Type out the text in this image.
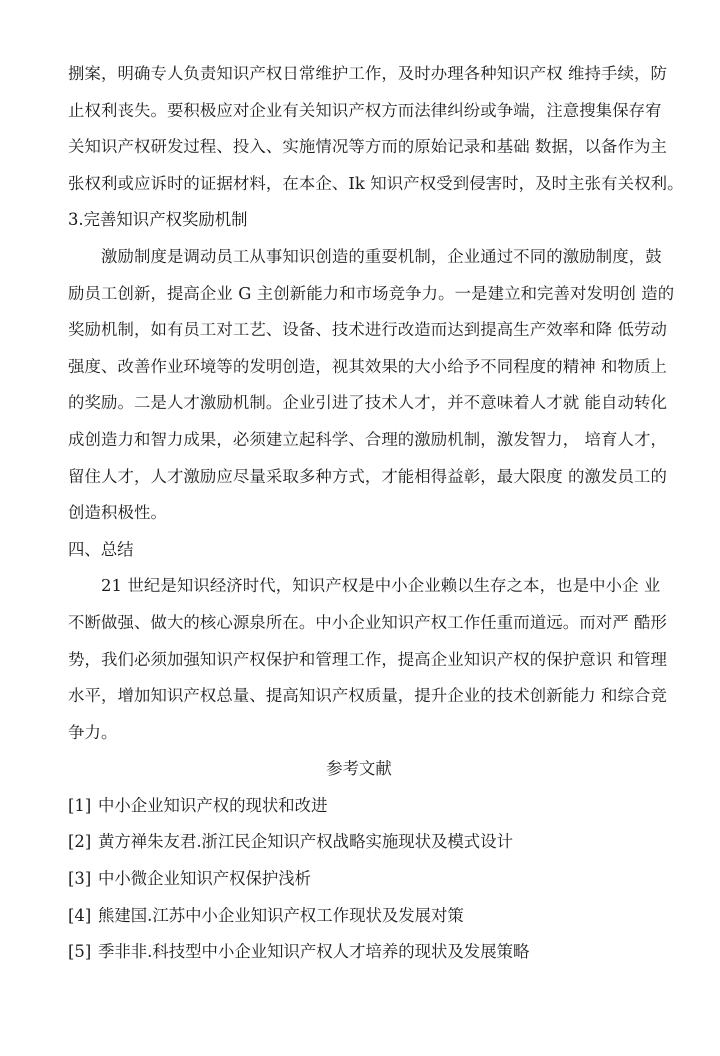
捌案，明确专人负责知识产权日常维护工作，及时办理各种知识产权 维持手续，防
止权利丧失。要积极应对企业有关知识产权方而法律纠纷或争端，注意搜集保存宥
关知识产权研发过程、投入、实施情况等方而的原始记录和基础 数据，以备作为主
张权利或应诉时的证据材料，在本企、Ik 知识产权受到侵害时，及时主张有关权利。
3.完善知识产权奖励机制
激励制度是调动员工从事知识创造的重耍机制，企业通过不同的激励制度，鼓
励员工创新，提高企业 G 主创新能力和市场竞争力。一是建立和完善对发明创 造的
奖励机制，如有员工对工艺、设备、技术进行改造而达到提高生产效率和降 低劳动
强度、改善作业环境等的发明创造，视其效果的大小给予不同程度的精神 和物质上
的奖励。二是人才激励机制。企业引进了技术人才，并不意味着人才就 能自动转化
成创造力和智力成果，必须建立起科学、合理的激励机制，激发智力， 培育人才，
留住人才，人才激励应尽量采取多种方式，才能相得益彰，最大限度 的激发员工的
创造积极性。
四、总结
21 世纪是知识经济时代，知识产权是中小企业赖以生存之本，也是中小企 业
不断做强、做大的核心源泉所在。中小企业知识产权工作任重而道远。而对严 酷形
势，我们必须加强知识产权保护和管理工作，提高企业知识产权的保护意识 和管理
水平，增加知识产权总量、提高知识产权质量，提升企业的技术创新能力 和综合竞
争力。
参考文献
[1] 中小企业知识产权的现状和改进
[2] 黄方禅朱友君.浙江民企知识产权战略实施现状及模式设计
[3] 中小微企业知识产权保护浅析
[4] 熊建国.江苏中小企业知识产权工作现状及发展对策
[5] 季非非.科技型中小企业知识产权人才培养的现状及发展策略
